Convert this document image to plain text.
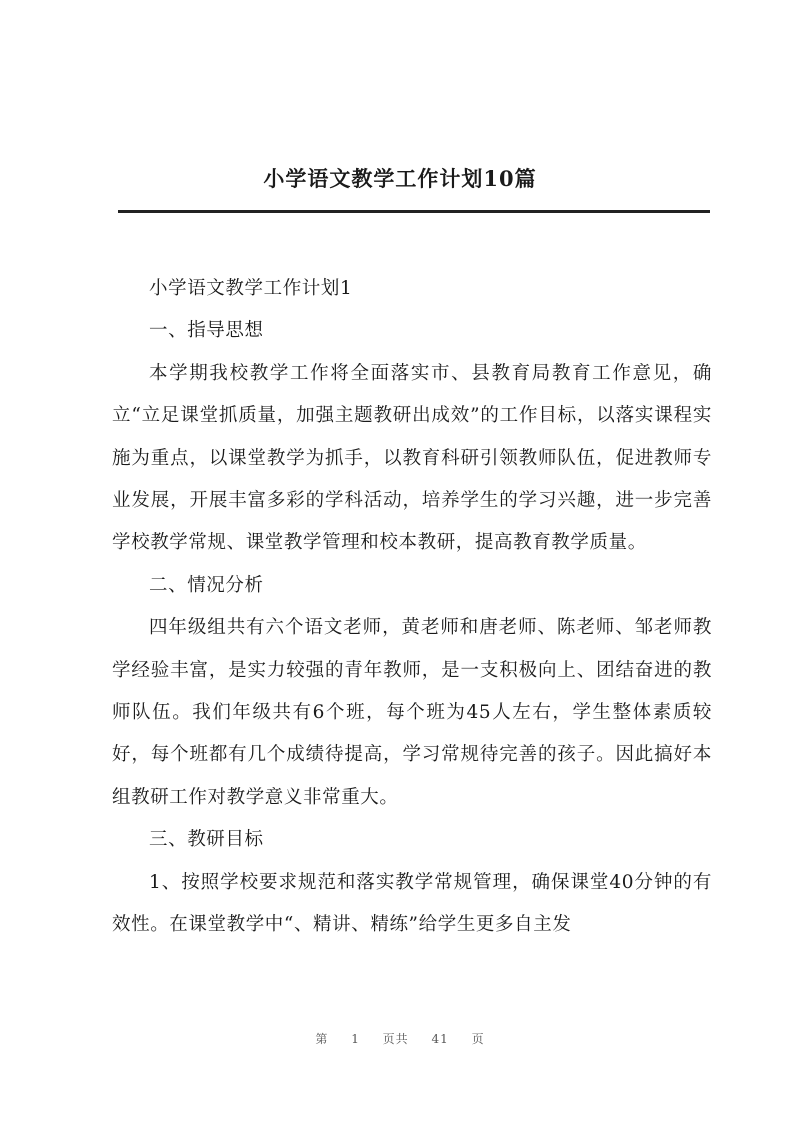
小学语文教学工作计划10篇

小学语文教学工作计划1

一、指导思想

本学期我校教学工作将全面落实市、县教育局教育工作意见，确立“立足课堂抓质量，加强主题教研出成效”的工作目标，以落实课程实施为重点，以课堂教学为抓手，以教育科研引领教师队伍，促进教师专业发展，开展丰富多彩的学科活动，培养学生的学习兴趣，进一步完善学校教学常规、课堂教学管理和校本教研，提高教育教学质量。

二、情况分析

四年级组共有六个语文老师，黄老师和唐老师、陈老师、邹老师教学经验丰富，是实力较强的青年教师，是一支积极向上、团结奋进的教师队伍。我们年级共有6个班，每个班为45人左右，学生整体素质较好，每个班都有几个成绩待提高，学习常规待完善的孩子。因此搞好本组教研工作对教学意义非常重大。

三、教研目标

1、按照学校要求规范和落实教学常规管理，确保课堂40分钟的有效性。在课堂教学中“、精讲、精练”给学生更多自主发

第 1 页共 41 页
